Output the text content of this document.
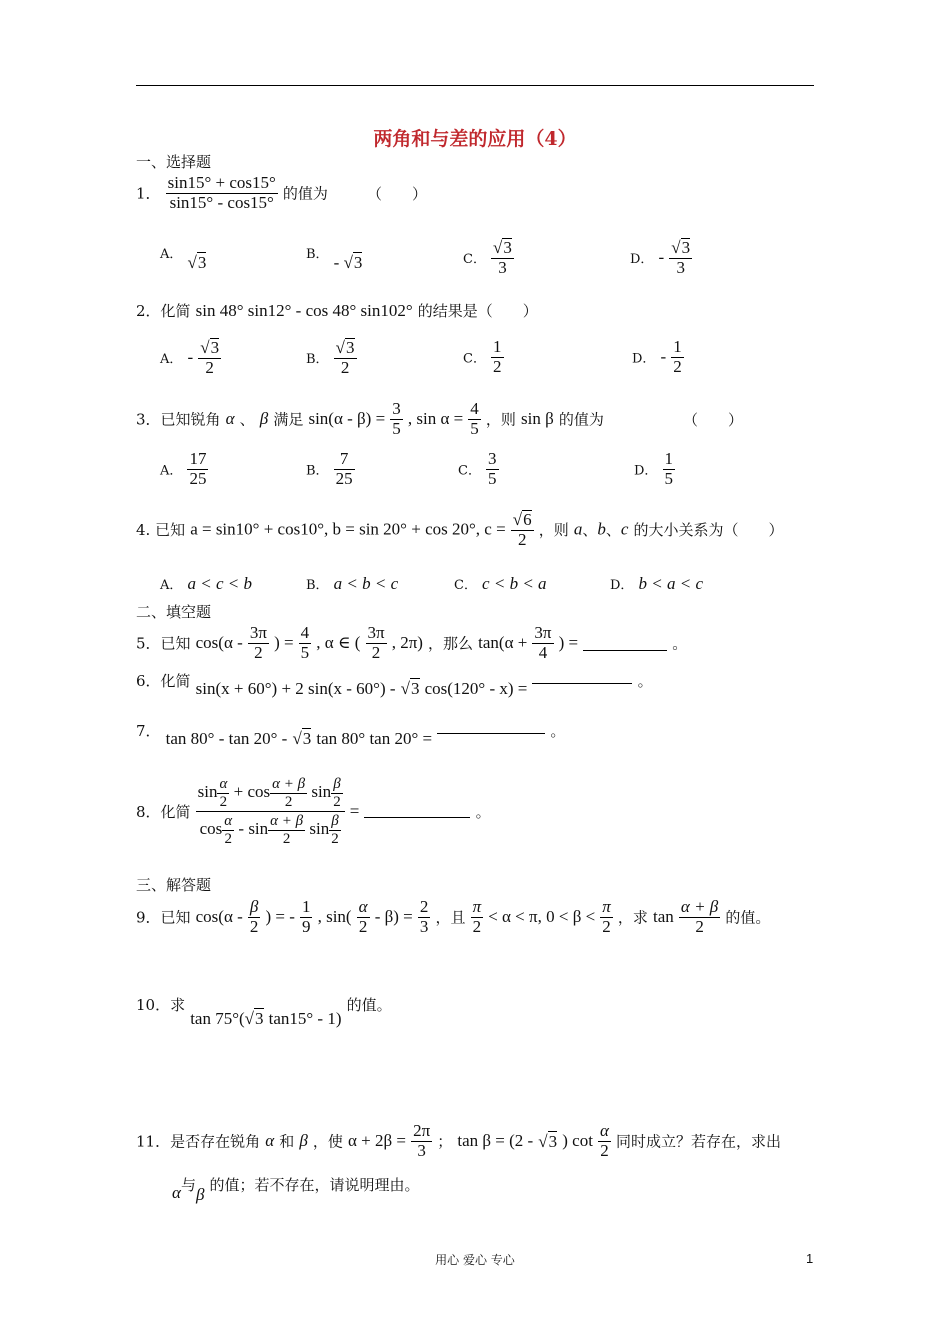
两角和与差的应用（4）
一、选择题
1． $\frac{\sin 15^\circ + \cos 15^\circ}{\sin 15^\circ - \cos 15^\circ}$ 的值为	（　　）
A． √3	B． - √3	C． $\frac{√3}{3}$	D． - $\frac{√3}{3}$
2．化简 sin 48° sin12° - cos 48° sin102° 的结果是（　　）
A． - $\frac{√3}{2}$	B． $\frac{√3}{2}$	C． $\frac{1}{2}$	D． - $\frac{1}{2}$
3．已知锐角 α 、 β 满足 $\sin(\alpha - \beta) = \frac{3}{5}$ , $\sin \alpha = \frac{4}{5}$ ，则 sin β 的值为	（　　）
A． $\frac{17}{25}$	B． $\frac{7}{25}$	C． $\frac{3}{5}$	D． $\frac{1}{5}$
4. 已知 a = sin10° + cos10°, b = sin 20° + cos 20°, $c = \frac{√6}{2}$ ，则 a、b、c 的大小关系为（　　）
A． a < c < b	B． a < b < c	C． c < b < a	D． b < a < c
二、填空题
5．已知 $\cos(\alpha - \frac{3\pi}{2}$ ) = $\frac{4}{5}$ , α ∈ ( $\frac{3\pi}{2}$ , 2π) ，那么 $\tan(\alpha + \frac{3\pi}{4}$ ) =	。
6．化简 sin(x + 60°) + 2 sin(x - 60°) - √3 cos(120° - x) =	。
7． tan 80° - tan 20° - √3 tan 80° tan 20° =	。
8．化简 $\frac{\sin \frac{\alpha}{2} + \cos \frac{\alpha + \beta}{2} \sin \frac{\beta}{2}}{\cos \frac{\alpha}{2} - \sin \frac{\alpha + \beta}{2} \sin \frac{\beta}{2}}$ =	。
三、解答题
9．已知 $\cos(\alpha - \frac{\beta}{2}$ ) = - $\frac{1}{9}$ , $\sin( \frac{\alpha}{2} - \beta) = \frac{2}{3}$ ，且 $\frac{\pi}{2} < \alpha < \pi$, $0 < \beta < \frac{\pi}{2}$ ，求 $\tan \frac{\alpha + \beta}{2}$ 的值。
10．求 tan 75°(√3 tan15° - 1) 的值。
11．是否存在锐角 α 和 β ，使 $\alpha + 2\beta = \frac{2\pi}{3}$ ； tan β = (2 - √3 ) $\cot \frac{\alpha}{2}$ 同时成立？若存在，求出
α与β 的值；若不存在，请说明理由。
用心 爱心 专心	1
